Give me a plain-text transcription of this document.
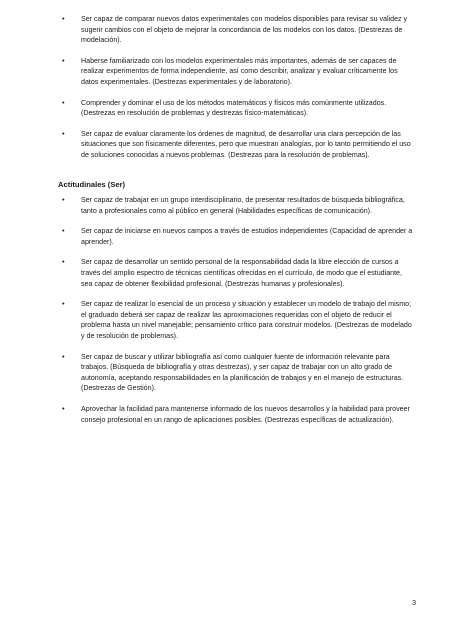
• Ser capaz de comparar nuevos datos experimentales con modelos disponibles para revisar su validez y sugerir cambios con el objeto de mejorar la concordancia de los modelos con los datos. (Destrezas de modelación).
• Haberse familiarizado con los modelos experimentales más importantes, además de ser capaces de realizar experimentos de forma independiente, así como describir, analizar y evaluar críticamente los datos experimentales. (Destrezas experimentales y de laboratorio).
• Comprender y dominar el uso de los métodos matemáticos y físicos más comúnmente utilizados. (Destrezas en resolución de problemas y destrezas físico-matemáticas).
• Ser capaz de evaluar claramente los órdenes de magnitud, de desarrollar una clara percepción de las situaciones que son físicamente diferentes, pero que muestran analogías, por lo tanto permitiendo el uso de soluciones conocidas a nuevos problemas. (Destrezas para la resolución de problemas).
Actitudinales (Ser)
• Ser capaz de trabajar en un grupo interdisciplinario, de presentar resultados de búsqueda bibliográfica, tanto a profesionales como al público en general (Habilidades específicas de comunicación).
• Ser capaz de iniciarse en nuevos campos a través de estudios independientes (Capacidad de aprender a aprender).
• Ser capaz de desarrollar un sentido personal de la responsabilidad dada la libre elección de cursos a través del amplio espectro de técnicas científicas ofrecidas en el currículo, de modo que el estudiante, sea capaz de obtener flexibilidad profesional. (Destrezas humanas y profesionales).
• Ser capaz de realizar lo esencial de un proceso y situación y establecer un modelo de trabajo del mismo; el graduado deberá ser capaz de realizar las aproximaciones requeridas con el objeto de reducir el problema hasta un nivel manejable; pensamiento crítico para construir modelos. (Destrezas de modelado y de resolución de problemas).
• Ser capaz de buscar y utilizar bibliografía así como cualquier fuente de información relevante para trabajos. (Búsqueda de bibliografía y otras destrezas), y ser capaz de trabajar con un alto grado de autonomía, aceptando responsabilidades en la planificación de trabajos y en el manejo de estructuras. (Destrezas de Gestión).
• Aprovechar la facilidad para mantenerse informado de los nuevos desarrollos y la habilidad para proveer consejo profesional en un rango de aplicaciones posibles. (Destrezas específicas de actualización).
3
